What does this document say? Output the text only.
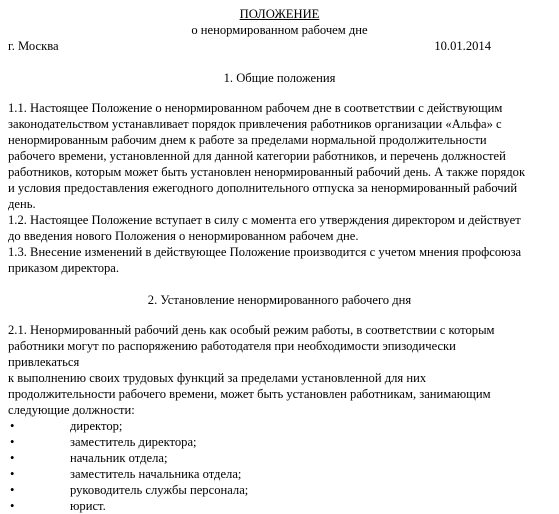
ПОЛОЖЕНИЕ
о ненормированном рабочем дне
г. Москва	10.01.2014
1. Общие положения
1.1. Настоящее Положение о ненормированном рабочем дне в соответствии с действующим
законодательством устанавливает порядок привлечения работников организации «Альфа» с
ненормированным рабочим днем к работе за пределами нормальной продолжительности
рабочего времени, установленной для данной категории работников, и перечень должностей
работников, которым может быть установлен ненормированный рабочий день. А также порядок
и условия предоставления ежегодного дополнительного отпуска за ненормированный рабочий
день.
1.2. Настоящее Положение вступает в силу с момента его утверждения директором и действует
до введения нового Положения о ненормированном рабочем дне.
1.3. Внесение изменений в действующее Положение производится с учетом мнения профсоюза
приказом директора.
2. Установление ненормированного рабочего дня
2.1. Ненормированный рабочий день как особый режим работы, в соответствии с которым
работники могут по распоряжению работодателя при необходимости эпизодически
привлекаться
к выполнению своих трудовых функций за пределами установленной для них
продолжительности рабочего времени, может быть установлен работникам, занимающим
следующие должности:
•	директор;
•	заместитель директора;
•	начальник отдела;
•	заместитель начальника отдела;
•	руководитель службы персонала;
•	юрист.
